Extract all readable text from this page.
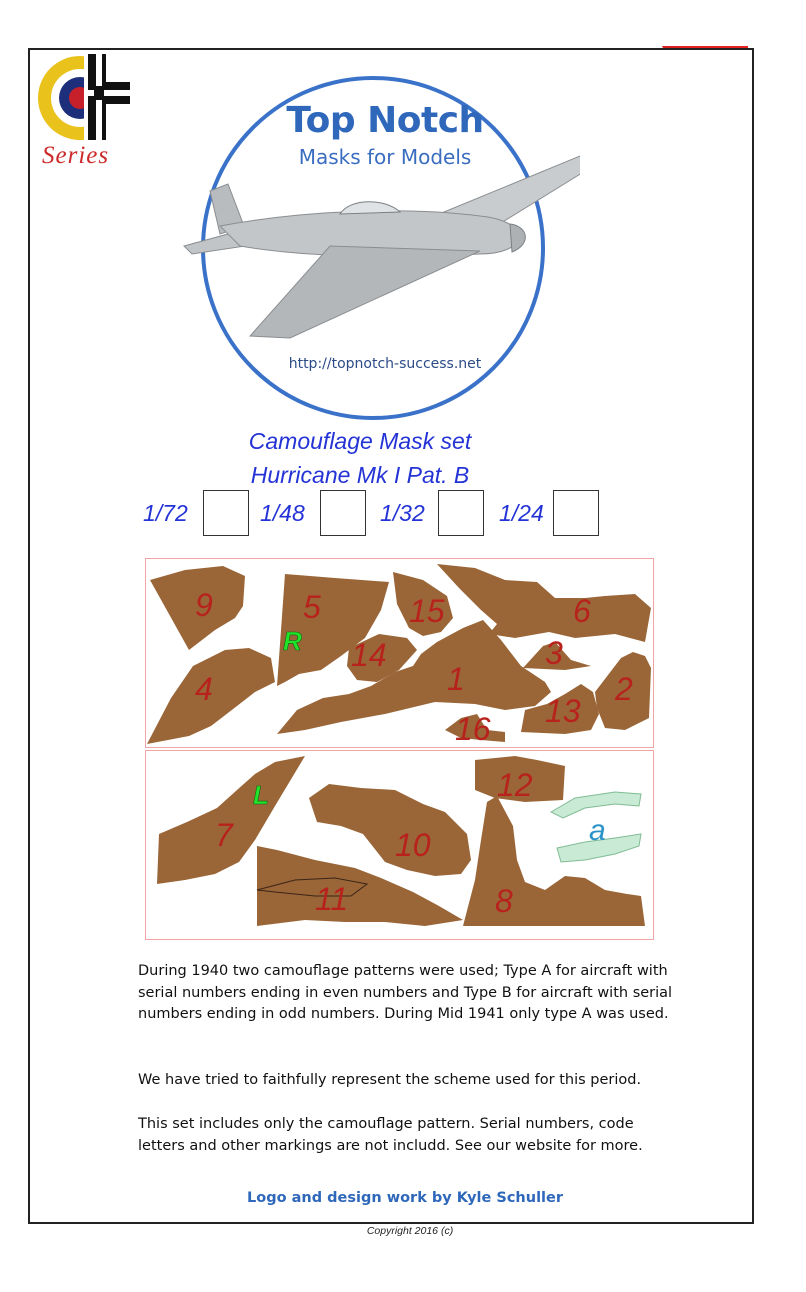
Series
Top Notch
Masks for Models
http://topnotch-success.net
Camouflage Mask set
Hurricane Mk I Pat. B
1/72	1/48	1/32	1/24
9	5	15	6
14	3
4	1	2
13
16
R
12
7	10
11	8
L
a

During 1940 two camouflage patterns were used; Type A for aircraft with serial numbers ending in even numbers and Type B for aircraft with serial numbers ending in odd numbers. During Mid 1941 only type A was used.

We have tried to faithfully represent the scheme used for this period.

This set includes only the camouflage pattern. Serial numbers, code letters and other markings are not includd. See our website for more.

Logo and design work by Kyle Schuller
Copyright 2016 (c)
